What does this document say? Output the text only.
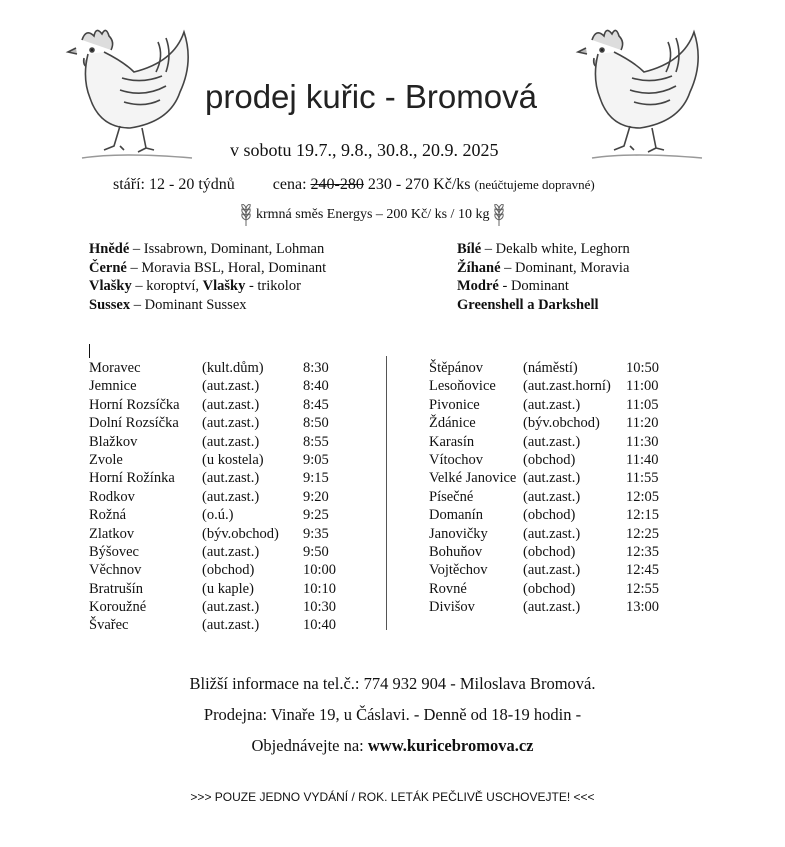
prodej kuřic - Bromová
v sobotu 19.7., 9.8., 30.8., 20.9. 2025
stáří: 12 - 20 týdnů cena: 240-280 230 - 270 Kč/ks (neúčtujeme dopravné)
krmná směs Energys – 200 Kč/ ks / 10 kg
Hnědé – Issabrown, Dominant, Lohman
Černé – Moravia BSL, Horal, Dominant
Vlašky – koroptví, Vlašky - trikolor
Sussex – Dominant Sussex
Bílé – Dekalb white, Leghorn
Žíhané – Dominant, Moravia
Modré - Dominant
Greenshell a Darkshell
Moravec	(kult.dům)	8:30
Jemnice	(aut.zast.)	8:40
Horní Rozsíčka (aut.zast.)	8:45
Dolní Rozsíčka (aut.zast.)	8:50
Blažkov	(aut.zast.)	8:55
Zvole	(u kostela)	9:05
Horní Rožínka (aut.zast.)	9:15
Rodkov	(aut.zast.)	9:20
Rožná	(o.ú.)	9:25
Zlatkov	(býv.obchod) 9:35
Býšovec	(aut.zast.)	9:50
Věchnov	(obchod)	10:00
Bratrušín	(u kaple)	10:10
Koroužné	(aut.zast.)	10:30
Švařec	(aut.zast.)	10:40
Štěpánov	(náměstí)	10:50
Lesoňovice (aut.zast.horní) 11:00
Pivonice	(aut.zast.)	11:05
Ždánice	(býv.obchod) 11:20
Karasín	(aut.zast.)	11:30
Vítochov	(obchod)	11:40
Velké Janovice (aut.zast.)	11:55
Písečné	(aut.zast.)	12:05
Domanín	(obchod)	12:15
Janovičky (aut.zast.)	12:25
Bohuňov	(obchod)	12:35
Vojtěchov (aut.zast.)	12:45
Rovné	(obchod)	12:55
Divišov	(aut.zast.)	13:00
Bližší informace na tel.č.: 774 932 904 - Miloslava Bromová.
Prodejna: Vinaře 19, u Čáslavi. - Denně od 18-19 hodin -
Objednávejte na: www.kuricebromova.cz
>>> POUZE JEDNO VYDÁNÍ / ROK. LETÁK PEČLIVĚ USCHOVEJTE! <<<
